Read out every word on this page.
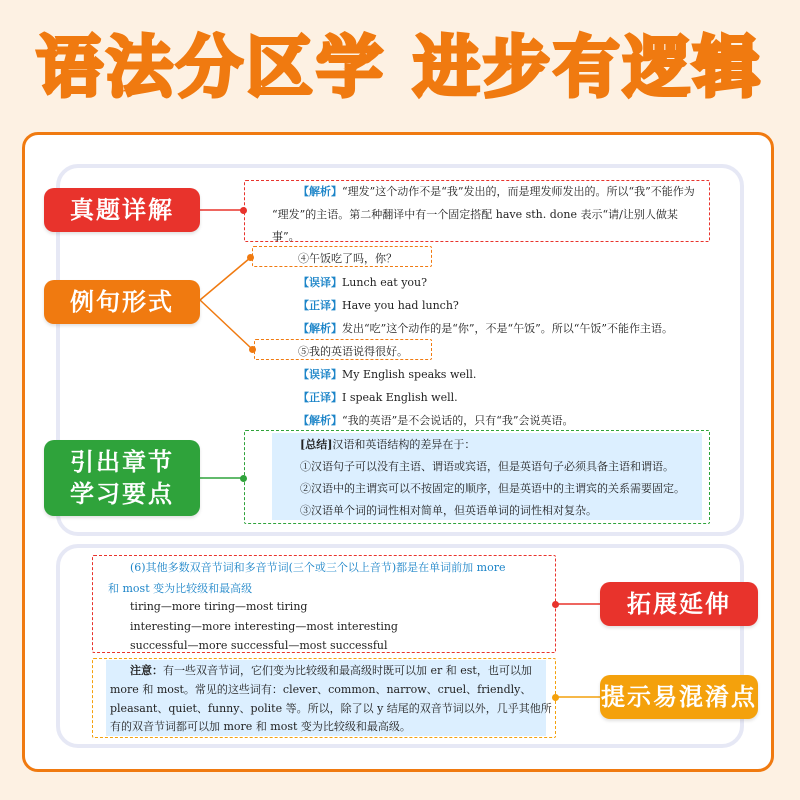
语法分区学 进步有逻辑
真题详解
例句形式
引出章节
学习要点
拓展延伸
提示易混淆点
【解析】“理发”这个动作不是“我”发出的，而是理发师发出的。所以“我”不能作为
“理发”的主语。第二种翻译中有一个固定搭配 have sth. done 表示“请/让别人做某
事”。
④午饭吃了吗，你？
【误译】Lunch eat you?
【正译】Have you had lunch?
【解析】发出“吃”这个动作的是“你”，不是“午饭”。所以“午饭”不能作主语。
⑤我的英语说得很好。
【误译】My English speaks well.
【正译】I speak English well.
【解析】“我的英语”是不会说话的，只有“我”会说英语。
[总结]汉语和英语结构的差异在于：
①汉语句子可以没有主语、谓语或宾语，但是英语句子必须具备主语和谓语。
②汉语中的主谓宾可以不按固定的顺序，但是英语中的主谓宾的关系需要固定。
③汉语单个词的词性相对简单，但英语单词的词性相对复杂。
(6)其他多数双音节词和多音节词(三个或三个以上音节)都是在单词前加 more
和 most 变为比较级和最高级
tiring—more tiring—most tiring
interesting—more interesting—most interesting
successful—more successful—most successful
注意：有一些双音节词，它们变为比较级和最高级时既可以加 er 和 est，也可以加
more 和 most。常见的这些词有：clever、common、narrow、cruel、friendly、
pleasant、quiet、funny、polite 等。所以，除了以 y 结尾的双音节词以外，几乎其他所
有的双音节词都可以加 more 和 most 变为比较级和最高级。
